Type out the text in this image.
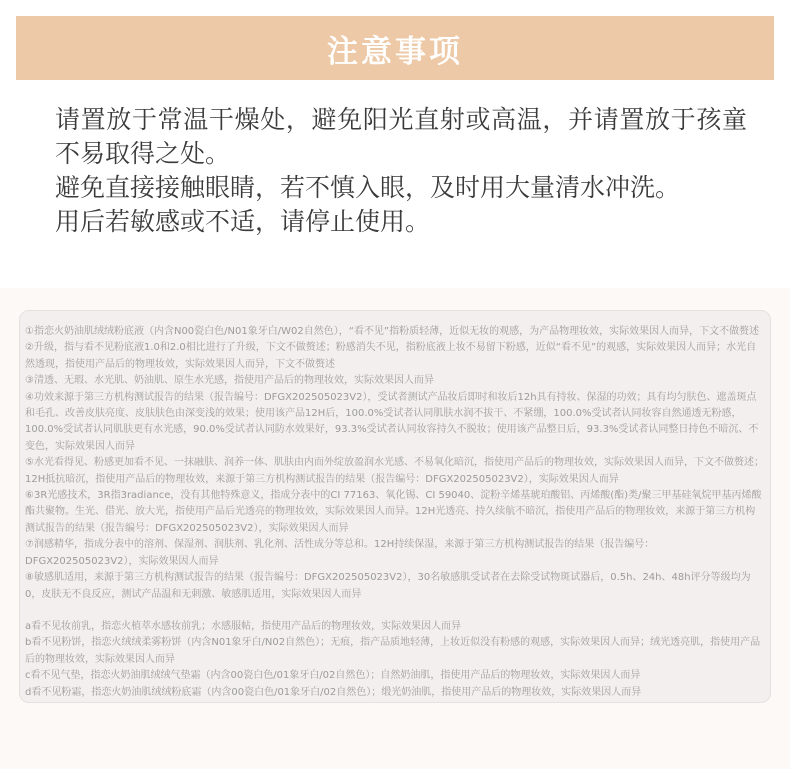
注意事项

请置放于常温干燥处，避免阳光直射或高温，并请置放于孩童不易取得之处。

避免直接接触眼睛，若不慎入眼，及时用大量清水冲洗。

用后若敏感或不适，请停止使用。

①指恋火奶油肌绒绒粉底液（内含N00瓷白色/N01象牙白/W02自然色），“看不见”指粉质轻薄，近似无妆的观感，为产品物理妆效，实际效果因人而异，下文不做赘述

②升级，指与看不见粉底液1.0和2.0相比进行了升级，下文不做赘述；粉感消失不见，指粉底液上妆不易留下粉感，近似“看不见”的观感，实际效果因人而异；水光自然透现，指使用产品后的物理妆效，实际效果因人而异，下文不做赘述

③清透、无瑕、水光肌、奶油肌、原生水光感，指使用产品后的物理妆效，实际效果因人而异

④功效来源于第三方机构测试报告的结果（报告编号：DFGX202505023V2），受试者测试产品妆后即时和妆后12h具有持妆、保湿的功效；具有均匀肤色、遮盖斑点和毛孔、改善皮肤亮度、皮肤肤色由深变浅的效果；使用该产品12H后，100.0%受试者认同肌肤水润不拔干、不紧绷，100.0%受试者认同妆容自然通透无粉感，100.0%受试者认同肌肤更有水光感，90.0%受试者认同防水效果好，93.3%受试者认同妆容持久不脱妆；使用该产品整日后，93.3%受试者认同整日持色不暗沉、不变色，实际效果因人而异

⑤水光看得见、粉感更加看不见、一抹融肤、润养一体、肌肤由内而外绽放盈润水光感、不易氧化暗沉，指使用产品后的物理妆效，实际效果因人而异，下文不做赘述；12H抵抗暗沉，指使用产品后的物理妆效，来源于第三方机构测试报告的结果（报告编号：DFGX202505023V2），实际效果因人而异

⑥3R光感技术，3R指3radiance，没有其他特殊意义，指成分表中的CI 77163、氧化锡、CI 59040、淀粉辛烯基琥珀酸铝、丙烯酸(酯)类/聚三甲基硅氧烷甲基丙烯酸酯共聚物。生光、借光、放大光，指使用产品后光透亮的物理妆效，实际效果因人而异。12H光透亮、持久续航不暗沉，指使用产品后的物理妆效，来源于第三方机构测试报告的结果（报告编号：DFGX202505023V2），实际效果因人而异

⑦润感精华，指成分表中的溶剂、保湿剂、润肤剂、乳化剂、活性成分等总和。12H持续保湿，来源于第三方机构测试报告的结果（报告编号：DFGX202505023V2），实际效果因人而异

⑧敏感肌适用，来源于第三方机构测试报告的结果（报告编号：DFGX202505023V2），30名敏感肌受试者在去除受试物斑试器后，0.5h、24h、48h评分等级均为0，皮肤无不良反应，测试产品温和无刺激、敏感肌适用，实际效果因人而异

a看不见妆前乳，指恋火植萃水感妆前乳；水感服帖，指使用产品后的物理妆效，实际效果因人而异

b看不见粉饼，指恋火绒绒柔雾粉饼（内含N01象牙白/N02自然色）；无痕，指产品质地轻薄，上妆近似没有粉感的观感，实际效果因人而异；绒光透亮肌，指使用产品后的物理妆效，实际效果因人而异

c看不见气垫，指恋火奶油肌绒绒气垫霜（内含00瓷白色/01象牙白/02自然色）；自然奶油肌，指使用产品后的物理妆效，实际效果因人而异

d看不见粉霜，指恋火奶油肌绒绒粉底霜（内含00瓷白色/01象牙白/02自然色）；缎光奶油肌，指使用产品后的物理妆效，实际效果因人而异
